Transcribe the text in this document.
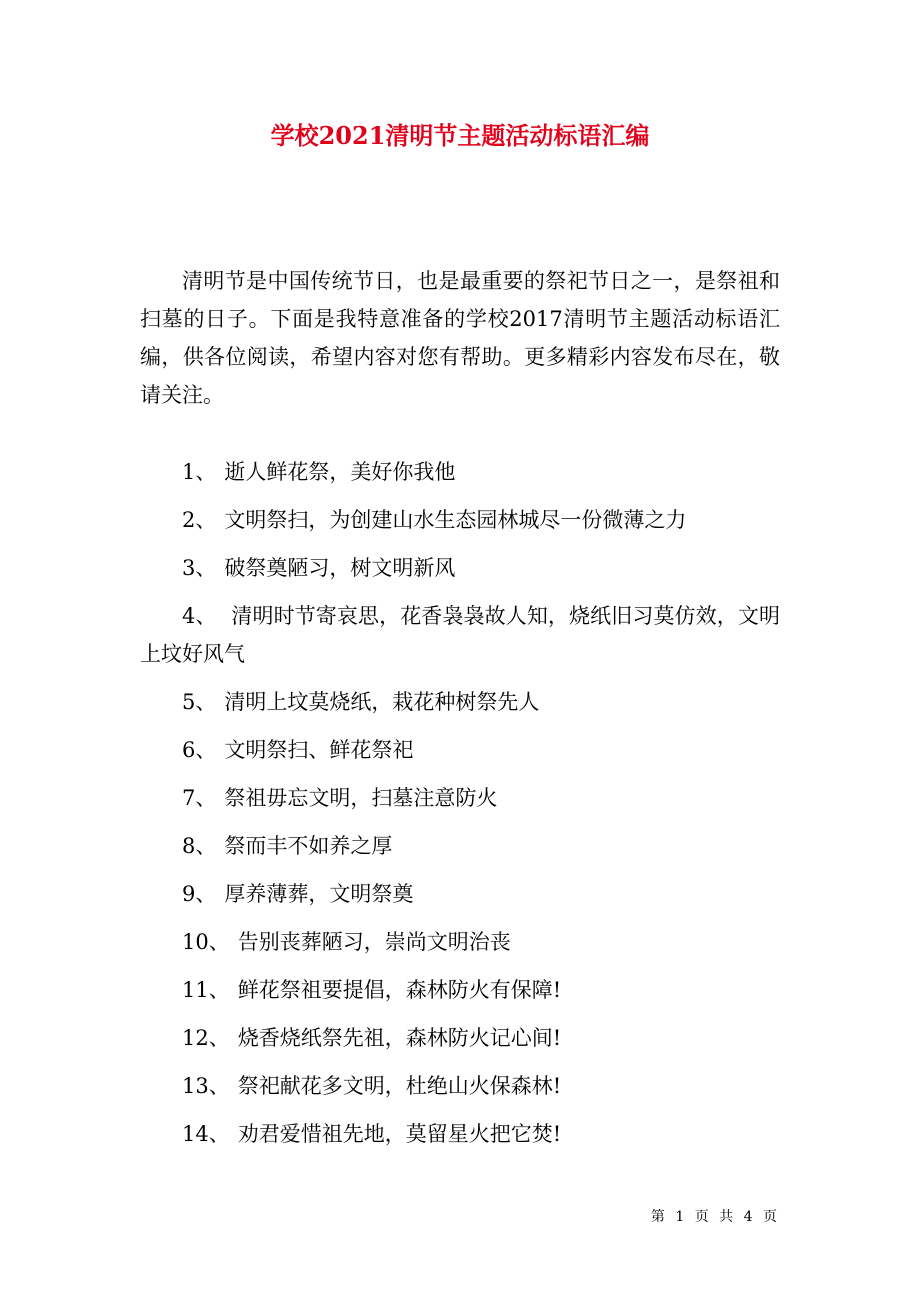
学校2021清明节主题活动标语汇编

清明节是中国传统节日，也是最重要的祭祀节日之一，是祭祖和扫墓的日子。下面是我特意准备的学校2017清明节主题活动标语汇编，供各位阅读，希望内容对您有帮助。更多精彩内容发布尽在，敬请关注。

1、 逝人鲜花祭，美好你我他
2、 文明祭扫，为创建山水生态园林城尽一份微薄之力
3、 破祭奠陋习，树文明新风
4、 清明时节寄哀思，花香袅袅故人知，烧纸旧习莫仿效，文明上坟好风气
5、 清明上坟莫烧纸，栽花种树祭先人
6、 文明祭扫、鲜花祭祀
7、 祭祖毋忘文明，扫墓注意防火
8、 祭而丰不如养之厚
9、 厚养薄葬，文明祭奠
10、 告别丧葬陋习，崇尚文明治丧
11、 鲜花祭祖要提倡，森林防火有保障!
12、 烧香烧纸祭先祖，森林防火记心间!
13、 祭祀献花多文明，杜绝山火保森林!
14、 劝君爱惜祖先地，莫留星火把它焚!
第 1 页 共 4 页
